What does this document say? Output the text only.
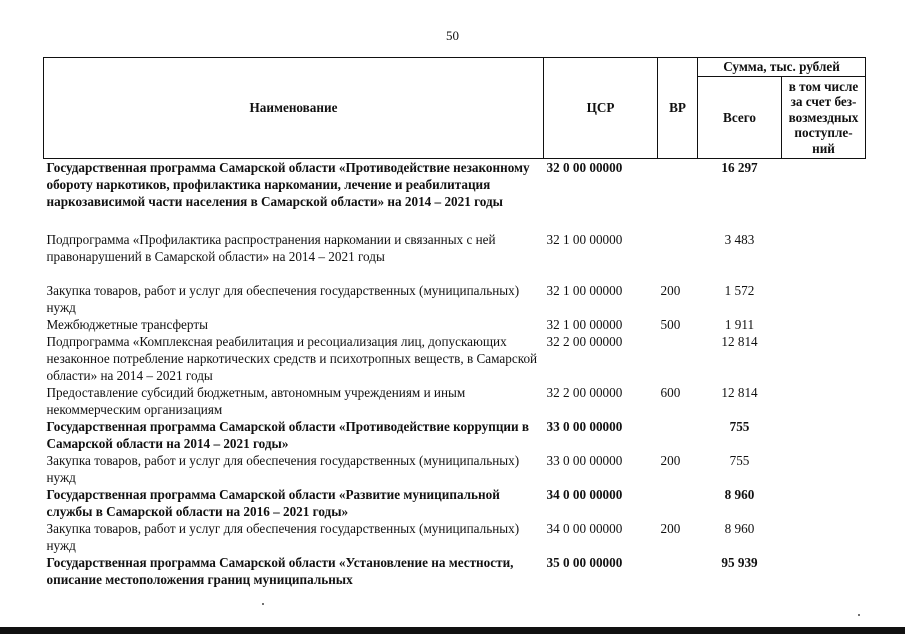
50
Наименование	ЦСР	ВР	Сумма, тыс. рублей	
			Всего	в том числе за счет без-возмездных поступле-ний
Государственная программа Самарской области «Противодействие незаконному обороту наркотиков, профилактика наркомании, лечение и реабилитация наркозависимой части населения в Самарской области» на 2014 – 2021 годы	32 0 00 00000		16 297	
Подпрограмма «Профилактика распространения наркомании и связанных с ней правонарушений в Самарской области» на 2014 – 2021 годы	32 1 00 00000		3 483	
Закупка товаров, работ и услуг для обеспечения государственных (муниципальных) нужд	32 1 00 00000	200	1 572	
Межбюджетные трансферты	32 1 00 00000	500	1 911	
Подпрограмма «Комплексная реабилитация и ресоциализация лиц, допускающих незаконное потребление наркотических средств и психотропных веществ, в Самарской области» на 2014 – 2021 годы	32 2 00 00000		12 814	
Предоставление субсидий бюджетным, автономным учреждениям и иным некоммерческим организациям	32 2 00 00000	600	12 814	
Государственная программа Самарской области «Противодействие коррупции в Самарской области на 2014 – 2021 годы»	33 0 00 00000		755	
Закупка товаров, работ и услуг для обеспечения государственных (муниципальных) нужд	33 0 00 00000	200	755	
Государственная программа Самарской области «Развитие муниципальной службы в Самарской области на 2016 – 2021 годы»	34 0 00 00000		8 960	
Закупка товаров, работ и услуг для обеспечения государственных (муниципальных) нужд	34 0 00 00000	200	8 960	
Государственная программа Самарской области «Установление на местности, описание местоположения границ муниципальных	35 0 00 00000		95 939	
